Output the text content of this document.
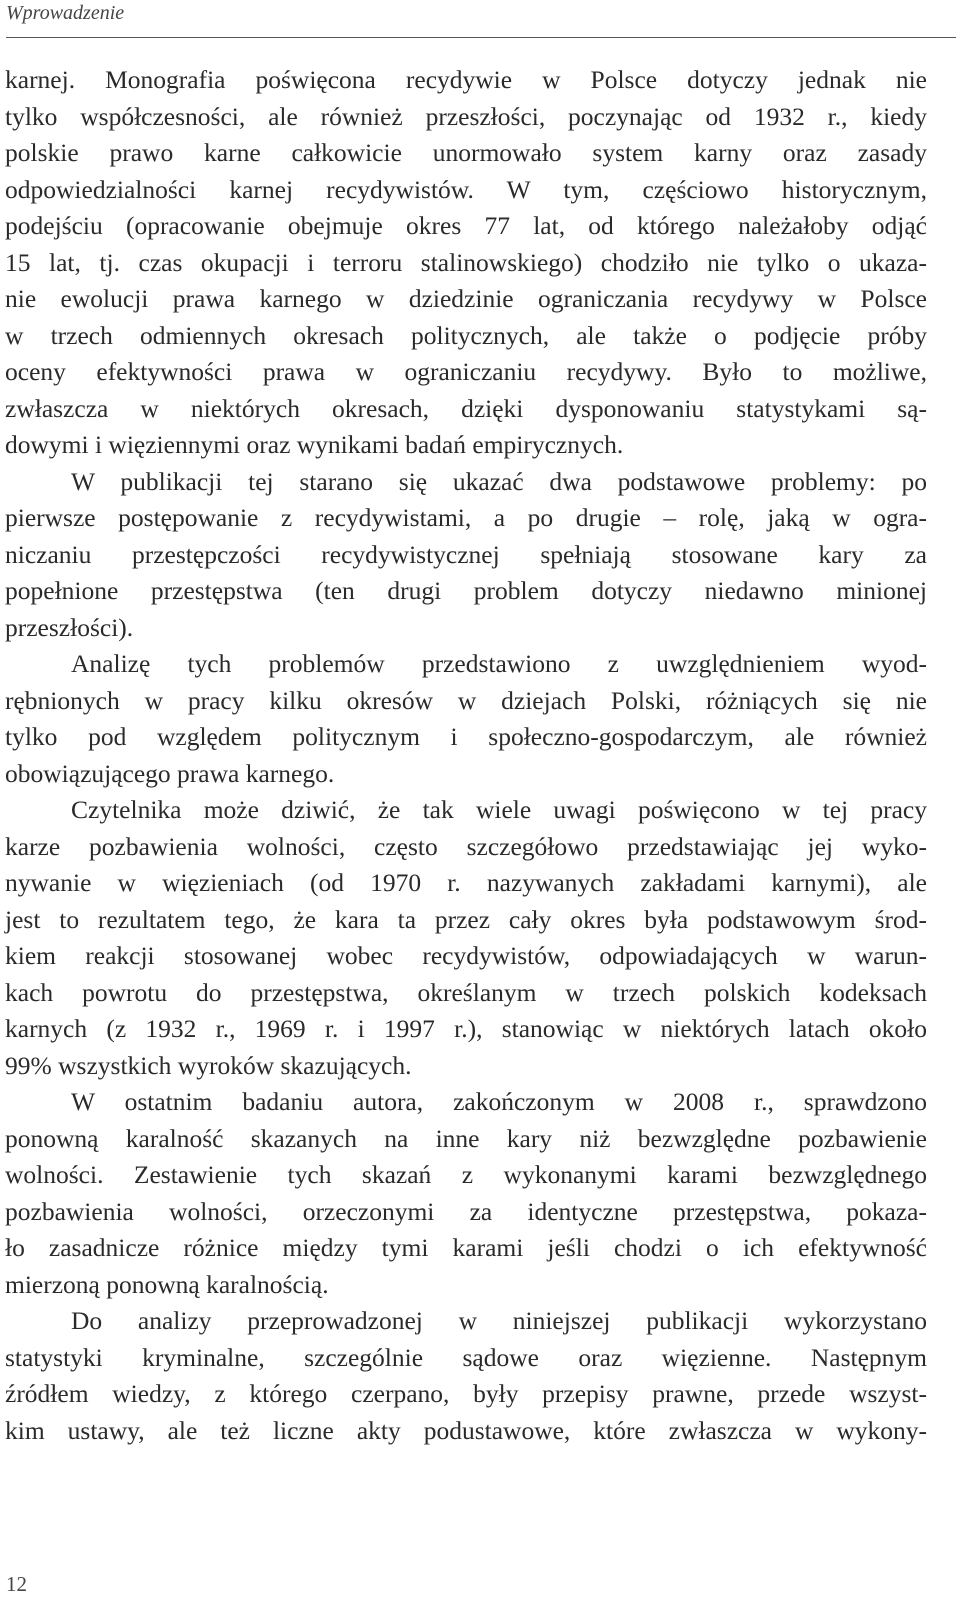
Wprowadzenie
karnej. Monografia poświęcona recydywie w Polsce dotyczy jednak nie
tylko współczesności, ale również przeszłości, poczynając od 1932 r., kiedy
polskie prawo karne całkowicie unormowało system karny oraz zasady
odpowiedzialności karnej recydywistów. W tym, częściowo historycznym,
podejściu (opracowanie obejmuje okres 77 lat, od którego należałoby odjąć
15 lat, tj. czas okupacji i terroru stalinowskiego) chodziło nie tylko o ukaza-
nie ewolucji prawa karnego w dziedzinie ograniczania recydywy w Polsce
w trzech odmiennych okresach politycznych, ale także o podjęcie próby
oceny efektywności prawa w ograniczaniu recydywy. Było to możliwe,
zwłaszcza w niektórych okresach, dzięki dysponowaniu statystykami są-
dowymi i więziennymi oraz wynikami badań empirycznych.
W publikacji tej starano się ukazać dwa podstawowe problemy: po
pierwsze postępowanie z recydywistami, a po drugie – rolę, jaką w ogra-
niczaniu przestępczości recydywistycznej spełniają stosowane kary za
popełnione przestępstwa (ten drugi problem dotyczy niedawno minionej
przeszłości).
Analizę tych problemów przedstawiono z uwzględnieniem wyod-
rębnionych w pracy kilku okresów w dziejach Polski, różniących się nie
tylko pod względem politycznym i społeczno-gospodarczym, ale również
obowiązującego prawa karnego.
Czytelnika może dziwić, że tak wiele uwagi poświęcono w tej pracy
karze pozbawienia wolności, często szczegółowo przedstawiając jej wyko-
nywanie w więzieniach (od 1970 r. nazywanych zakładami karnymi), ale
jest to rezultatem tego, że kara ta przez cały okres była podstawowym środ-
kiem reakcji stosowanej wobec recydywistów, odpowiadających w warun-
kach powrotu do przestępstwa, określanym w trzech polskich kodeksach
karnych (z 1932 r., 1969 r. i 1997 r.), stanowiąc w niektórych latach około
99% wszystkich wyroków skazujących.
W ostatnim badaniu autora, zakończonym w 2008 r., sprawdzono
ponowną karalność skazanych na inne kary niż bezwzględne pozbawienie
wolności. Zestawienie tych skazań z wykonanymi karami bezwzględnego
pozbawienia wolności, orzeczonymi za identyczne przestępstwa, pokaza-
ło zasadnicze różnice między tymi karami jeśli chodzi o ich efektywność
mierzoną ponowną karalnością.
Do analizy przeprowadzonej w niniejszej publikacji wykorzystano
statystyki kryminalne, szczególnie sądowe oraz więzienne. Następnym
źródłem wiedzy, z którego czerpano, były przepisy prawne, przede wszyst-
kim ustawy, ale też liczne akty podustawowe, które zwłaszcza w wykony-
12
